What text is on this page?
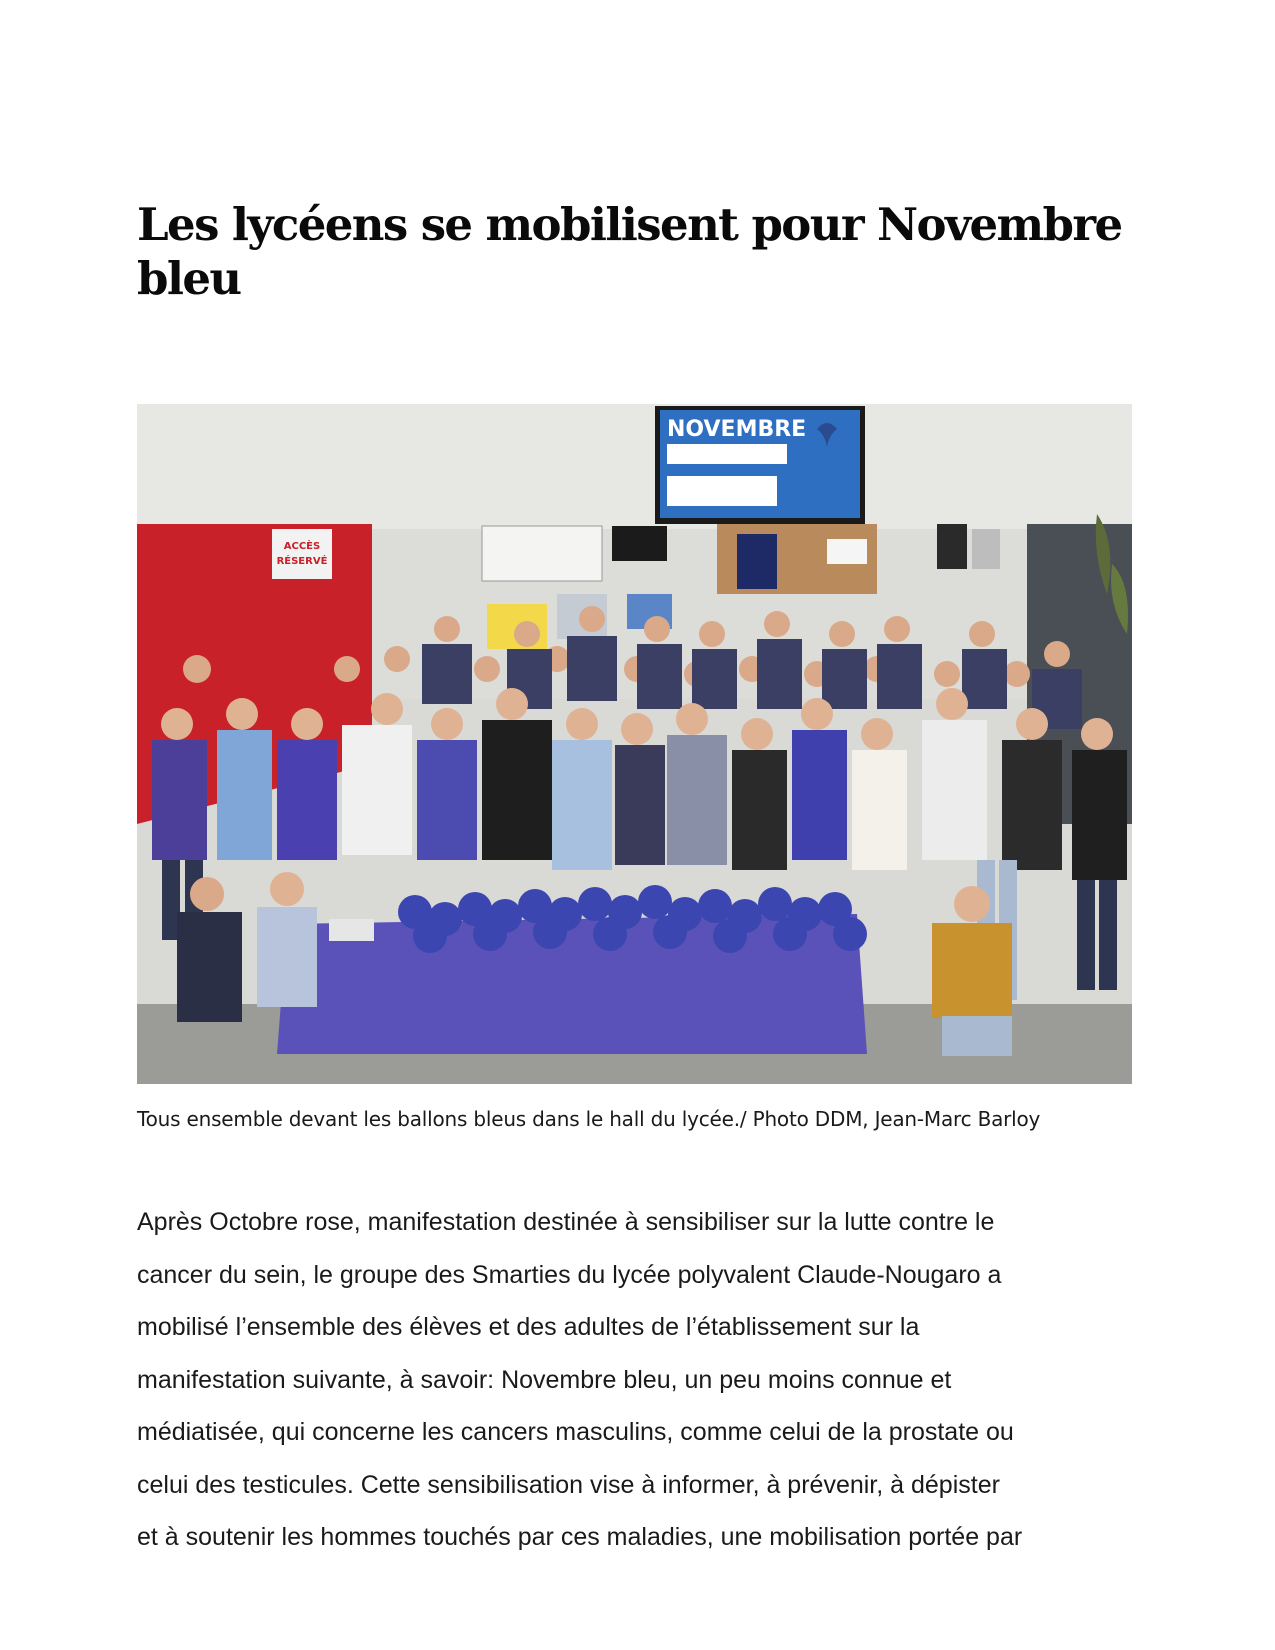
Les lycéens se mobilisent pour Novembre bleu
ACCÈS
RÉSERVÉ
NOVEMBRE
Tous ensemble devant les ballons bleus dans le hall du lycée./ Photo DDM, Jean-Marc Barloy

Après Octobre rose, manifestation destinée à sensibiliser sur la lutte contre le
cancer du sein, le groupe des Smarties du lycée polyvalent Claude-Nougaro a
mobilisé l’ensemble des élèves et des adultes de l’établissement sur la
manifestation suivante, à savoir: Novembre bleu, un peu moins connue et
médiatisée, qui concerne les cancers masculins, comme celui de la prostate ou
celui des testicules. Cette sensibilisation vise à informer, à prévenir, à dépister
et à soutenir les hommes touchés par ces maladies, une mobilisation portée par
